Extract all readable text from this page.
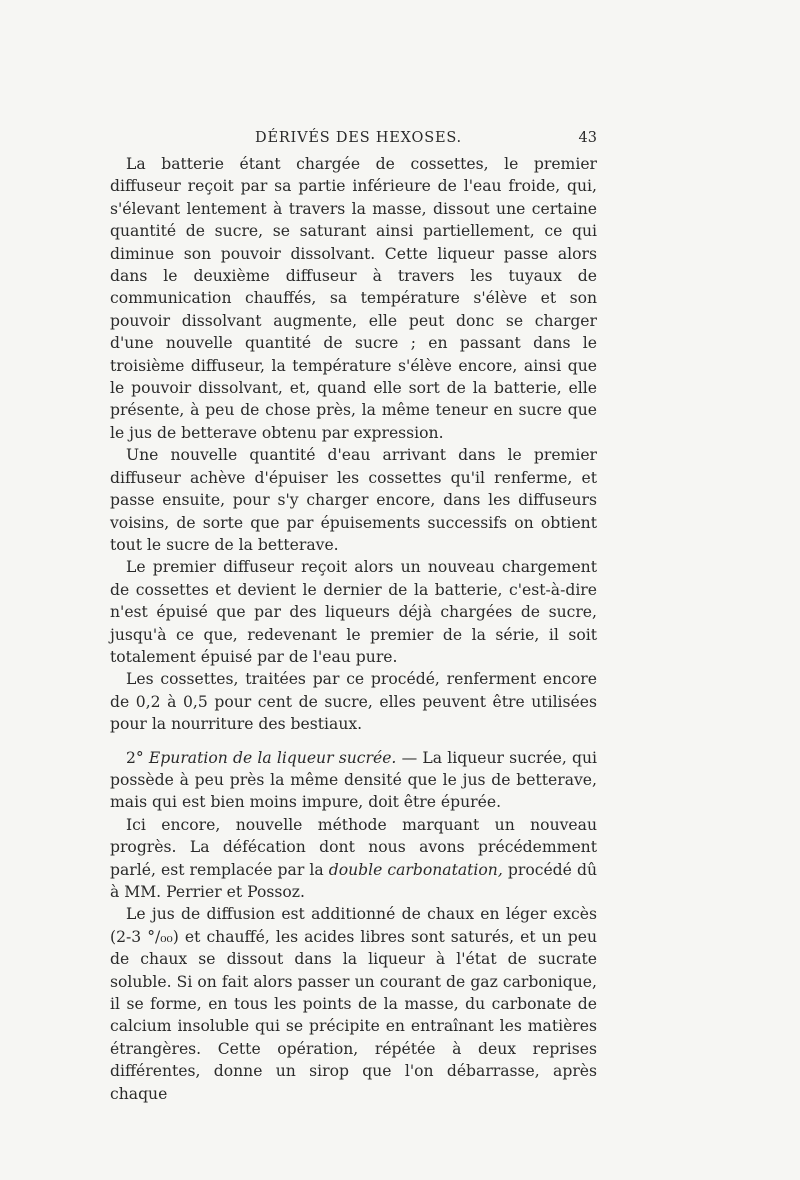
DÉRIVÉS DES HEXOSES.	43

La batterie étant chargée de cossettes, le premier diffuseur reçoit par sa partie inférieure de l'eau froide, qui, s'élevant lentement à travers la masse, dissout une certaine quantité de sucre, se saturant ainsi partiellement, ce qui diminue son pouvoir dissolvant. Cette liqueur passe alors dans le deuxième diffuseur à travers les tuyaux de communication chauffés, sa température s'élève et son pouvoir dissolvant augmente, elle peut donc se charger d'une nouvelle quantité de sucre ; en passant dans le troisième diffuseur, la température s'élève encore, ainsi que le pouvoir dissolvant, et, quand elle sort de la batterie, elle présente, à peu de chose près, la même teneur en sucre que le jus de betterave obtenu par expression.

Une nouvelle quantité d'eau arrivant dans le premier diffuseur achève d'épuiser les cossettes qu'il renferme, et passe ensuite, pour s'y charger encore, dans les diffuseurs voisins, de sorte que par épuisements successifs on obtient tout le sucre de la betterave.

Le premier diffuseur reçoit alors un nouveau chargement de cossettes et devient le dernier de la batterie, c'est-à-dire n'est épuisé que par des liqueurs déjà chargées de sucre, jusqu'à ce que, redevenant le premier de la série, il soit totalement épuisé par de l'eau pure.

Les cossettes, traitées par ce procédé, renferment encore de 0,2 à 0,5 pour cent de sucre, elles peuvent être utilisées pour la nourriture des bestiaux.

2° Epuration de la liqueur sucrée. — La liqueur sucrée, qui possède à peu près la même densité que le jus de betterave, mais qui est bien moins impure, doit être épurée.

Ici encore, nouvelle méthode marquant un nouveau progrès. La défécation dont nous avons précédemment parlé, est remplacée par la double carbonatation, procédé dû à MM. Perrier et Possoz.

Le jus de diffusion est additionné de chaux en léger excès (2-3 °/₀₀) et chauffé, les acides libres sont saturés, et un peu de chaux se dissout dans la liqueur à l'état de sucrate soluble. Si on fait alors passer un courant de gaz carbonique, il se forme, en tous les points de la masse, du carbonate de calcium insoluble qui se précipite en entraînant les matières étrangères. Cette opération, répétée à deux reprises différentes, donne un sirop que l'on débarrasse, après chaque
